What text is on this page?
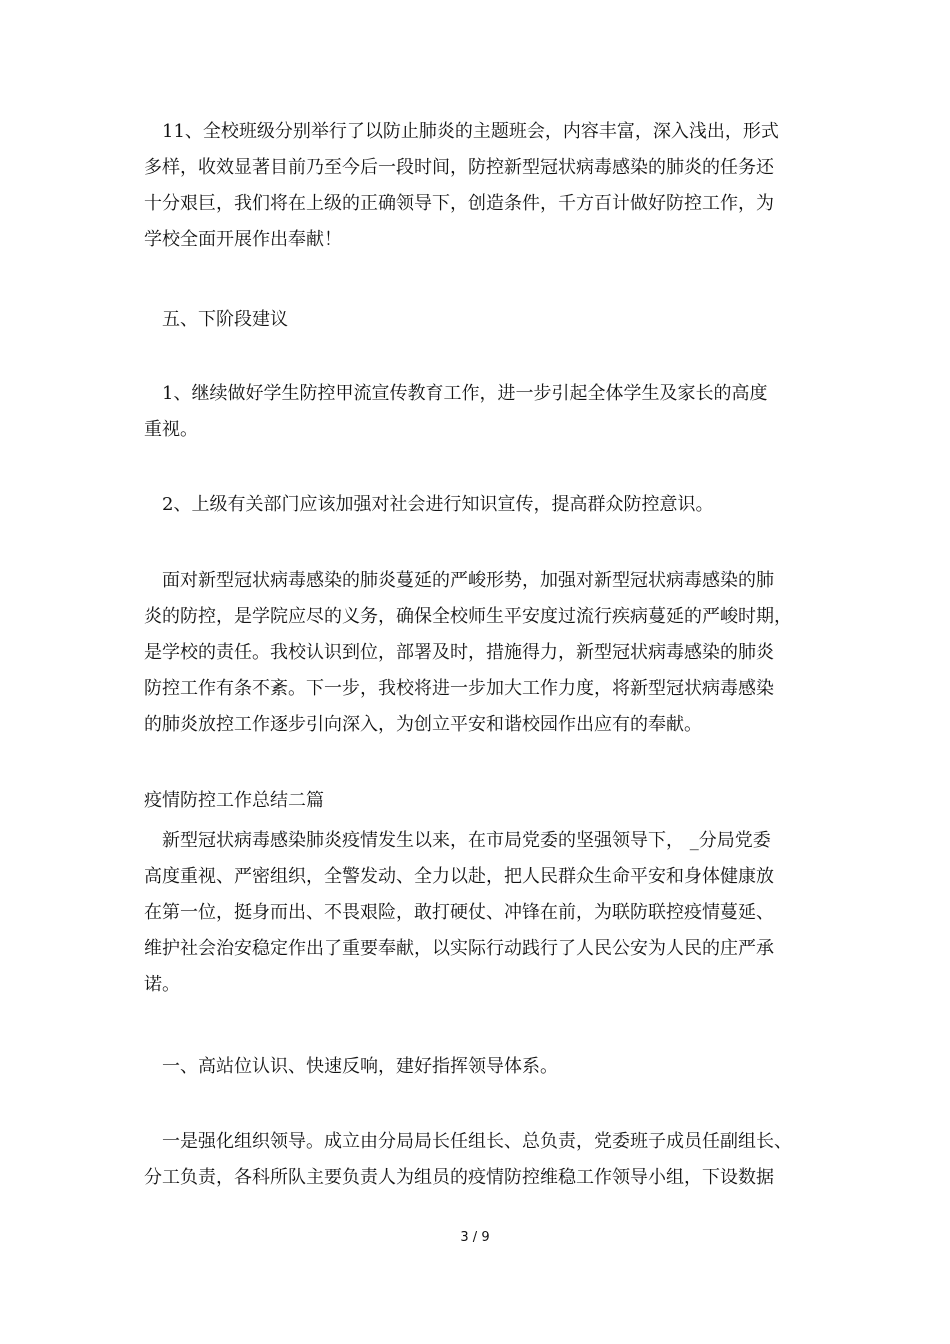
　11、全校班级分别举行了以防止肺炎的主题班会，内容丰富，深入浅出，形式
多样，收效显著目前乃至今后一段时间，防控新型冠状病毒感染的肺炎的任务还
十分艰巨，我们将在上级的正确领导下，创造条件，千方百计做好防控工作，为
学校全面开展作出奉献！
　五、下阶段建议
　1、继续做好学生防控甲流宣传教育工作，进一步引起全体学生及家长的高度
重视。
　2、上级有关部门应该加强对社会进行知识宣传，提高群众防控意识。
　面对新型冠状病毒感染的肺炎蔓延的严峻形势，加强对新型冠状病毒感染的肺
炎的防控，是学院应尽的义务，确保全校师生平安度过流行疾病蔓延的严峻时期，
是学校的责任。我校认识到位，部署及时，措施得力，新型冠状病毒感染的肺炎
防控工作有条不紊。下一步，我校将进一步加大工作力度，将新型冠状病毒感染
的肺炎放控工作逐步引向深入，为创立平安和谐校园作出应有的奉献。
疫情防控工作总结二篇
　新型冠状病毒感染肺炎疫情发生以来，在市局党委的坚强领导下， _分局党委
高度重视、严密组织，全警发动、全力以赴，把人民群众生命平安和身体健康放
在第一位，挺身而出、不畏艰险，敢打硬仗、冲锋在前，为联防联控疫情蔓延、
维护社会治安稳定作出了重要奉献，以实际行动践行了人民公安为人民的庄严承
诺。
　一、高站位认识、快速反响，建好指挥领导体系。
　一是强化组织领导。成立由分局局长任组长、总负责，党委班子成员任副组长、
分工负责，各科所队主要负责人为组员的疫情防控维稳工作领导小组，下设数据
3 / 9
